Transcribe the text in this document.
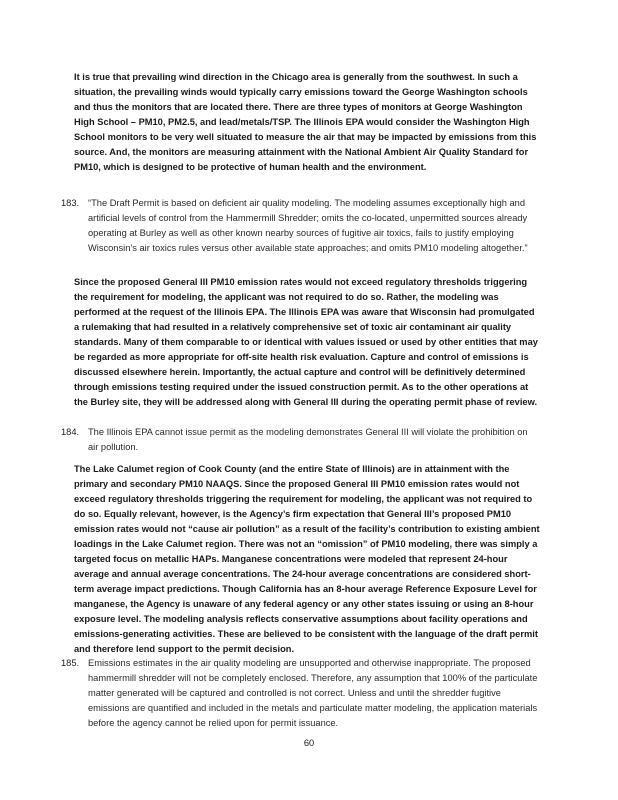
It is true that prevailing wind direction in the Chicago area is generally from the southwest. In such a situation, the prevailing winds would typically carry emissions toward the George Washington schools and thus the monitors that are located there. There are three types of monitors at George Washington High School – PM10, PM2.5, and lead/metals/TSP. The Illinois EPA would consider the Washington High School monitors to be very well situated to measure the air that may be impacted by emissions from this source. And, the monitors are measuring attainment with the National Ambient Air Quality Standard for PM10, which is designed to be protective of human health and the environment.

183. “The Draft Permit is based on deficient air quality modeling. The modeling assumes exceptionally high and artificial levels of control from the Hammermill Shredder; omits the co-located, unpermitted sources already operating at Burley as well as other known nearby sources of fugitive air toxics, fails to justify employing Wisconsin’s air toxics rules versus other available state approaches; and omits PM10 modeling altogether.”

Since the proposed General III PM10 emission rates would not exceed regulatory thresholds triggering the requirement for modeling, the applicant was not required to do so. Rather, the modeling was performed at the request of the Illinois EPA. The Illinois EPA was aware that Wisconsin had promulgated a rulemaking that had resulted in a relatively comprehensive set of toxic air contaminant air quality standards. Many of them comparable to or identical with values issued or used by other entities that may be regarded as more appropriate for off-site health risk evaluation. Capture and control of emissions is discussed elsewhere herein. Importantly, the actual capture and control will be definitively determined through emissions testing required under the issued construction permit. As to the other operations at the Burley site, they will be addressed along with General III during the operating permit phase of review.

184. The Illinois EPA cannot issue permit as the modeling demonstrates General III will violate the prohibition on air pollution.

The Lake Calumet region of Cook County (and the entire State of Illinois) are in attainment with the primary and secondary PM10 NAAQS. Since the proposed General III PM10 emission rates would not exceed regulatory thresholds triggering the requirement for modeling, the applicant was not required to do so. Equally relevant, however, is the Agency’s firm expectation that General III’s proposed PM10 emission rates would not “cause air pollution” as a result of the facility’s contribution to existing ambient loadings in the Lake Calumet region. There was not an “omission” of PM10 modeling, there was simply a targeted focus on metallic HAPs. Manganese concentrations were modeled that represent 24-hour average and annual average concentrations. The 24-hour average concentrations are considered short-term average impact predictions. Though California has an 8-hour average Reference Exposure Level for manganese, the Agency is unaware of any federal agency or any other states issuing or using an 8-hour exposure level. The modeling analysis reflects conservative assumptions about facility operations and emissions-generating activities. These are believed to be consistent with the language of the draft permit and therefore lend support to the permit decision.

185. Emissions estimates in the air quality modeling are unsupported and otherwise inappropriate. The proposed hammermill shredder will not be completely enclosed. Therefore, any assumption that 100% of the particulate matter generated will be captured and controlled is not correct. Unless and until the shredder fugitive emissions are quantified and included in the metals and particulate matter modeling, the application materials before the agency cannot be relied upon for permit issuance.

60
